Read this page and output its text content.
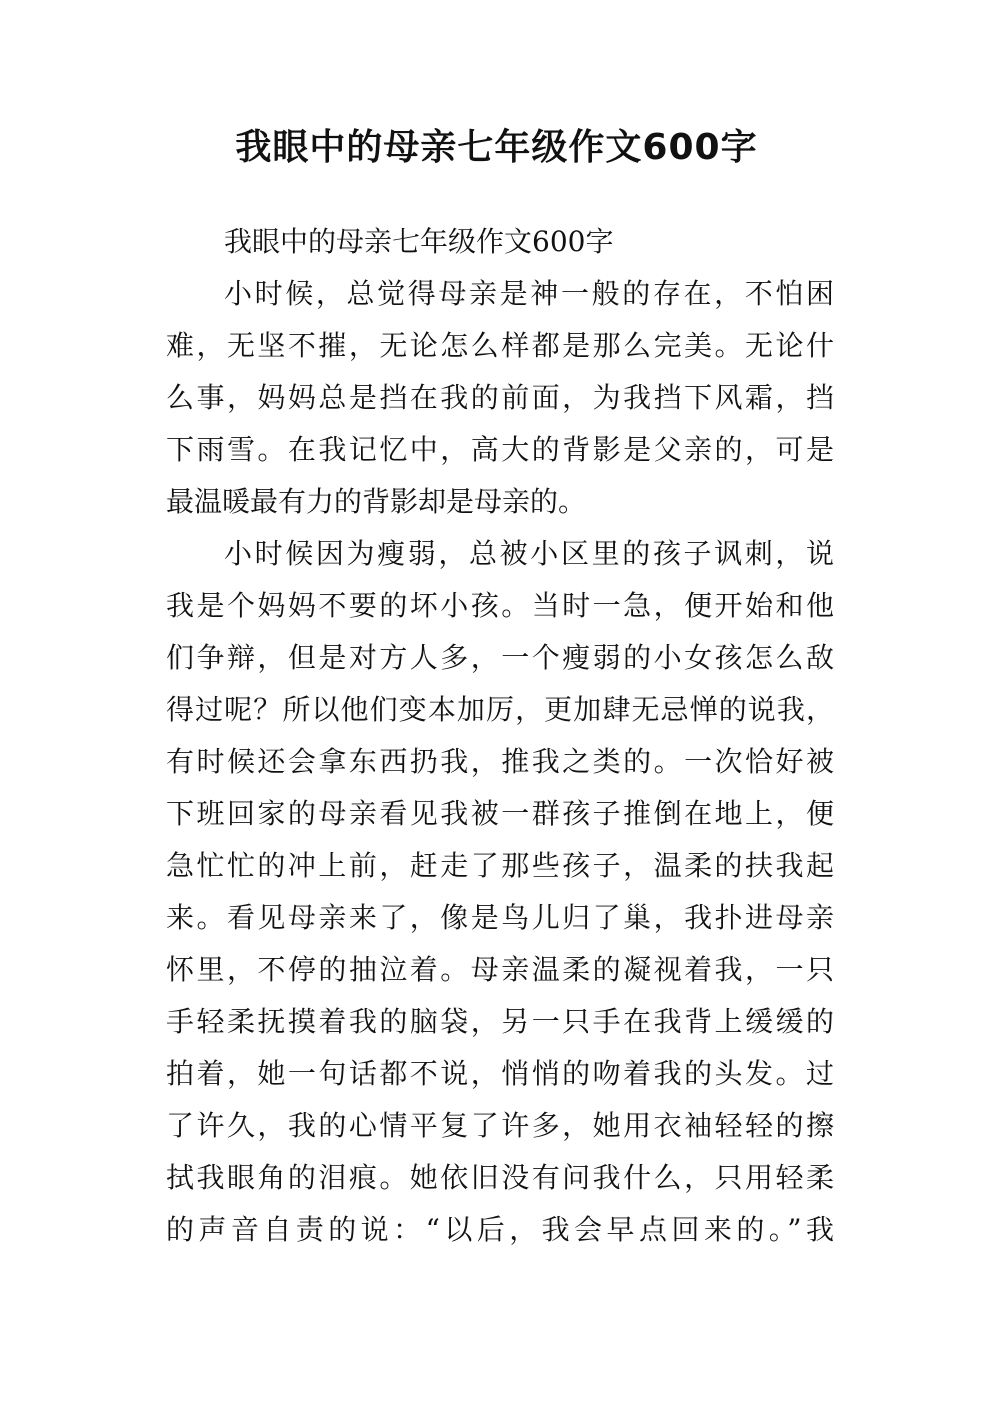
我眼中的母亲七年级作文600字
我眼中的母亲七年级作文600字
小时候，总觉得母亲是神一般的存在，不怕困
难，无坚不摧，无论怎么样都是那么完美。无论什
么事，妈妈总是挡在我的前面，为我挡下风霜，挡
下雨雪。在我记忆中，高大的背影是父亲的，可是
最温暖最有力的背影却是母亲的。
小时候因为瘦弱，总被小区里的孩子讽刺，说
我是个妈妈不要的坏小孩。当时一急，便开始和他
们争辩，但是对方人多，一个瘦弱的小女孩怎么敌
得过呢？所以他们变本加厉，更加肆无忌惮的说我，
有时候还会拿东西扔我，推我之类的。一次恰好被
下班回家的母亲看见我被一群孩子推倒在地上，便
急忙忙的冲上前，赶走了那些孩子，温柔的扶我起
来。看见母亲来了，像是鸟儿归了巢，我扑进母亲
怀里，不停的抽泣着。母亲温柔的凝视着我，一只
手轻柔抚摸着我的脑袋，另一只手在我背上缓缓的
拍着，她一句话都不说，悄悄的吻着我的头发。过
了许久，我的心情平复了许多，她用衣袖轻轻的擦
拭我眼角的泪痕。她依旧没有问我什么，只用轻柔
的声音自责的说：“以后，我会早点回来的。”我
